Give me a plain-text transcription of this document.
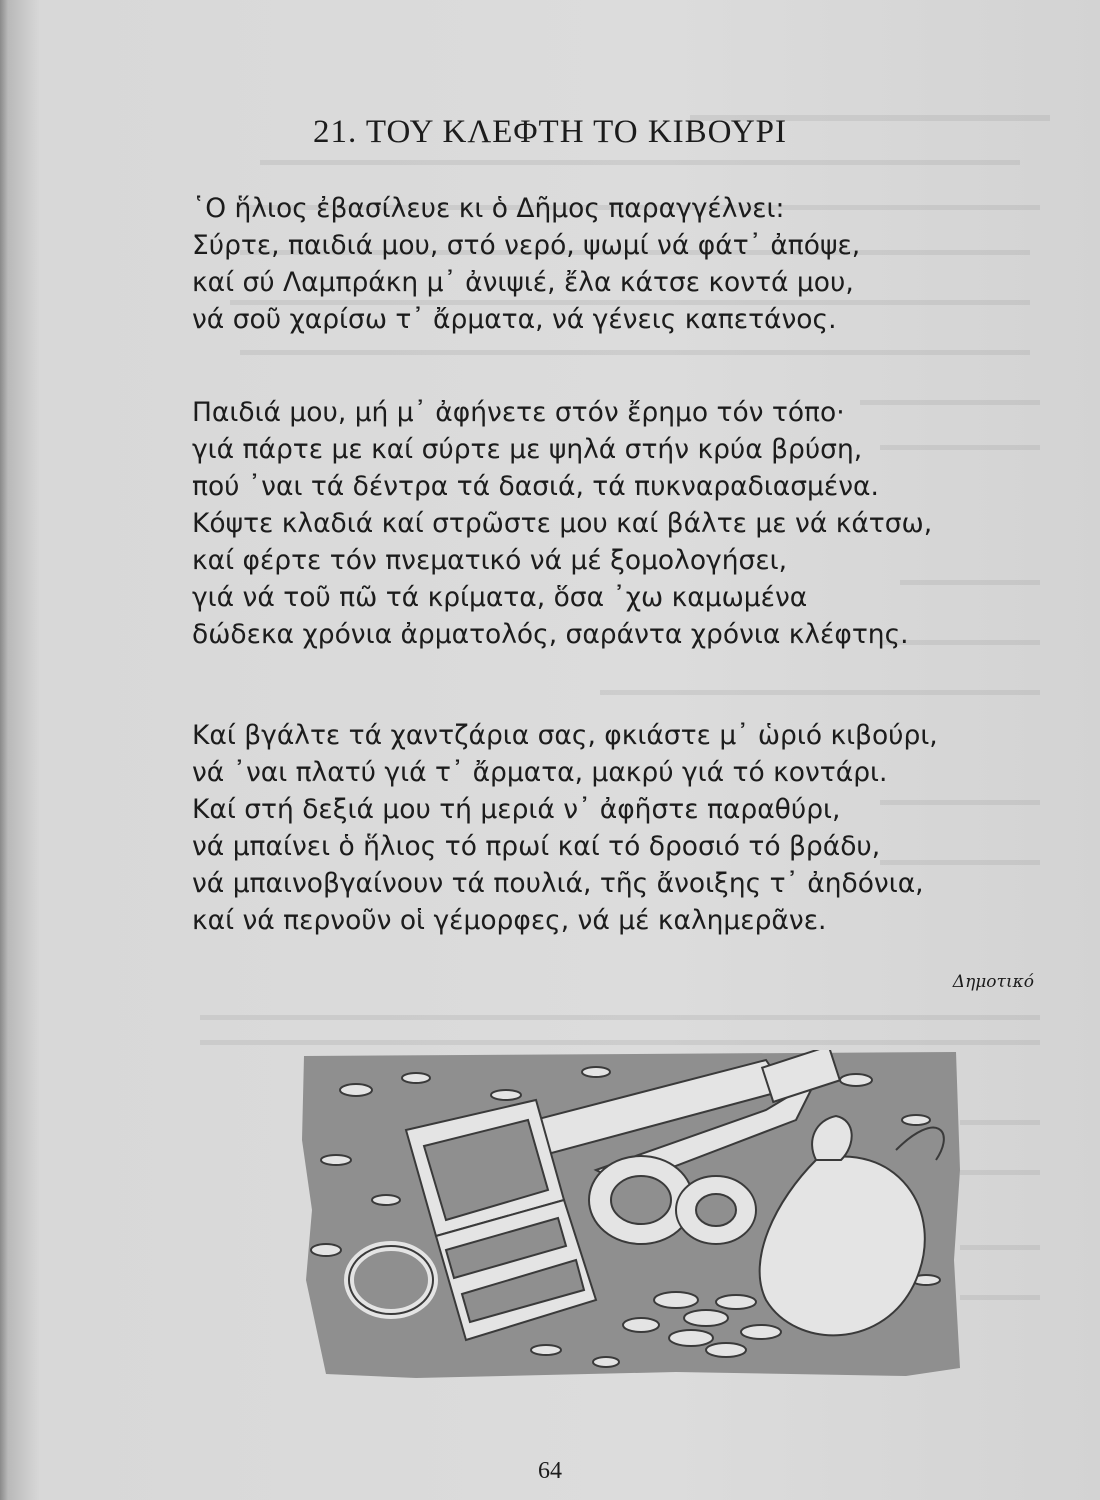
21. ΤΟΥ ΚΛΕΦΤΗ ΤΟ ΚΙΒΟΥΡΙ
῾Ο ἥλιος ἐβασίλευε κι ὁ Δῆμος παραγγέλνει:
Σύρτε, παιδιά μου, στό νερό, ψωμί νά φάτ᾽ ἀπόψε,
καί σύ Λαμπράκη μ᾽ ἀνιψιέ, ἔλα κάτσε κοντά μου,
νά σοῦ χαρίσω τ᾽ ἄρματα, νά γένεις καπετάνος.
Παιδιά μου, μή μ᾽ ἀφήνετε στόν ἔρημο τόν τόπο·
γιά πάρτε με καί σύρτε με ψηλά στήν κρύα βρύση,
πού ᾽ναι τά δέντρα τά δασιά, τά πυκναραδιασμένα.
Κόψτε κλαδιά καί στρῶστε μου καί βάλτε με νά κάτσω,
καί φέρτε τόν πνεματικό νά μέ ξομολογήσει,
γιά νά τοῦ πῶ τά κρίματα, ὅσα ᾽χω καμωμένα
δώδεκα χρόνια ἀρματολός, σαράντα χρόνια κλέφτης.
Καί βγάλτε τά χαντζάρια σας, φκιάστε μ᾽ ὡριό κιβούρι,
νά ᾽ναι πλατύ γιά τ᾽ ἄρματα, μακρύ γιά τό κοντάρι.
Καί στή δεξιά μου τή μεριά ν᾽ ἀφῆστε παραθύρι,
νά μπαίνει ὁ ἥλιος τό πρωί καί τό δροσιό τό βράδυ,
νά μπαινοβγαίνουν τά πουλιά, τῆς ἄνοιξης τ᾽ ἀηδόνια,
καί νά περνοῦν οἱ γέμορφες, νά μέ καλημερᾶνε.
Δημοτικό
64
